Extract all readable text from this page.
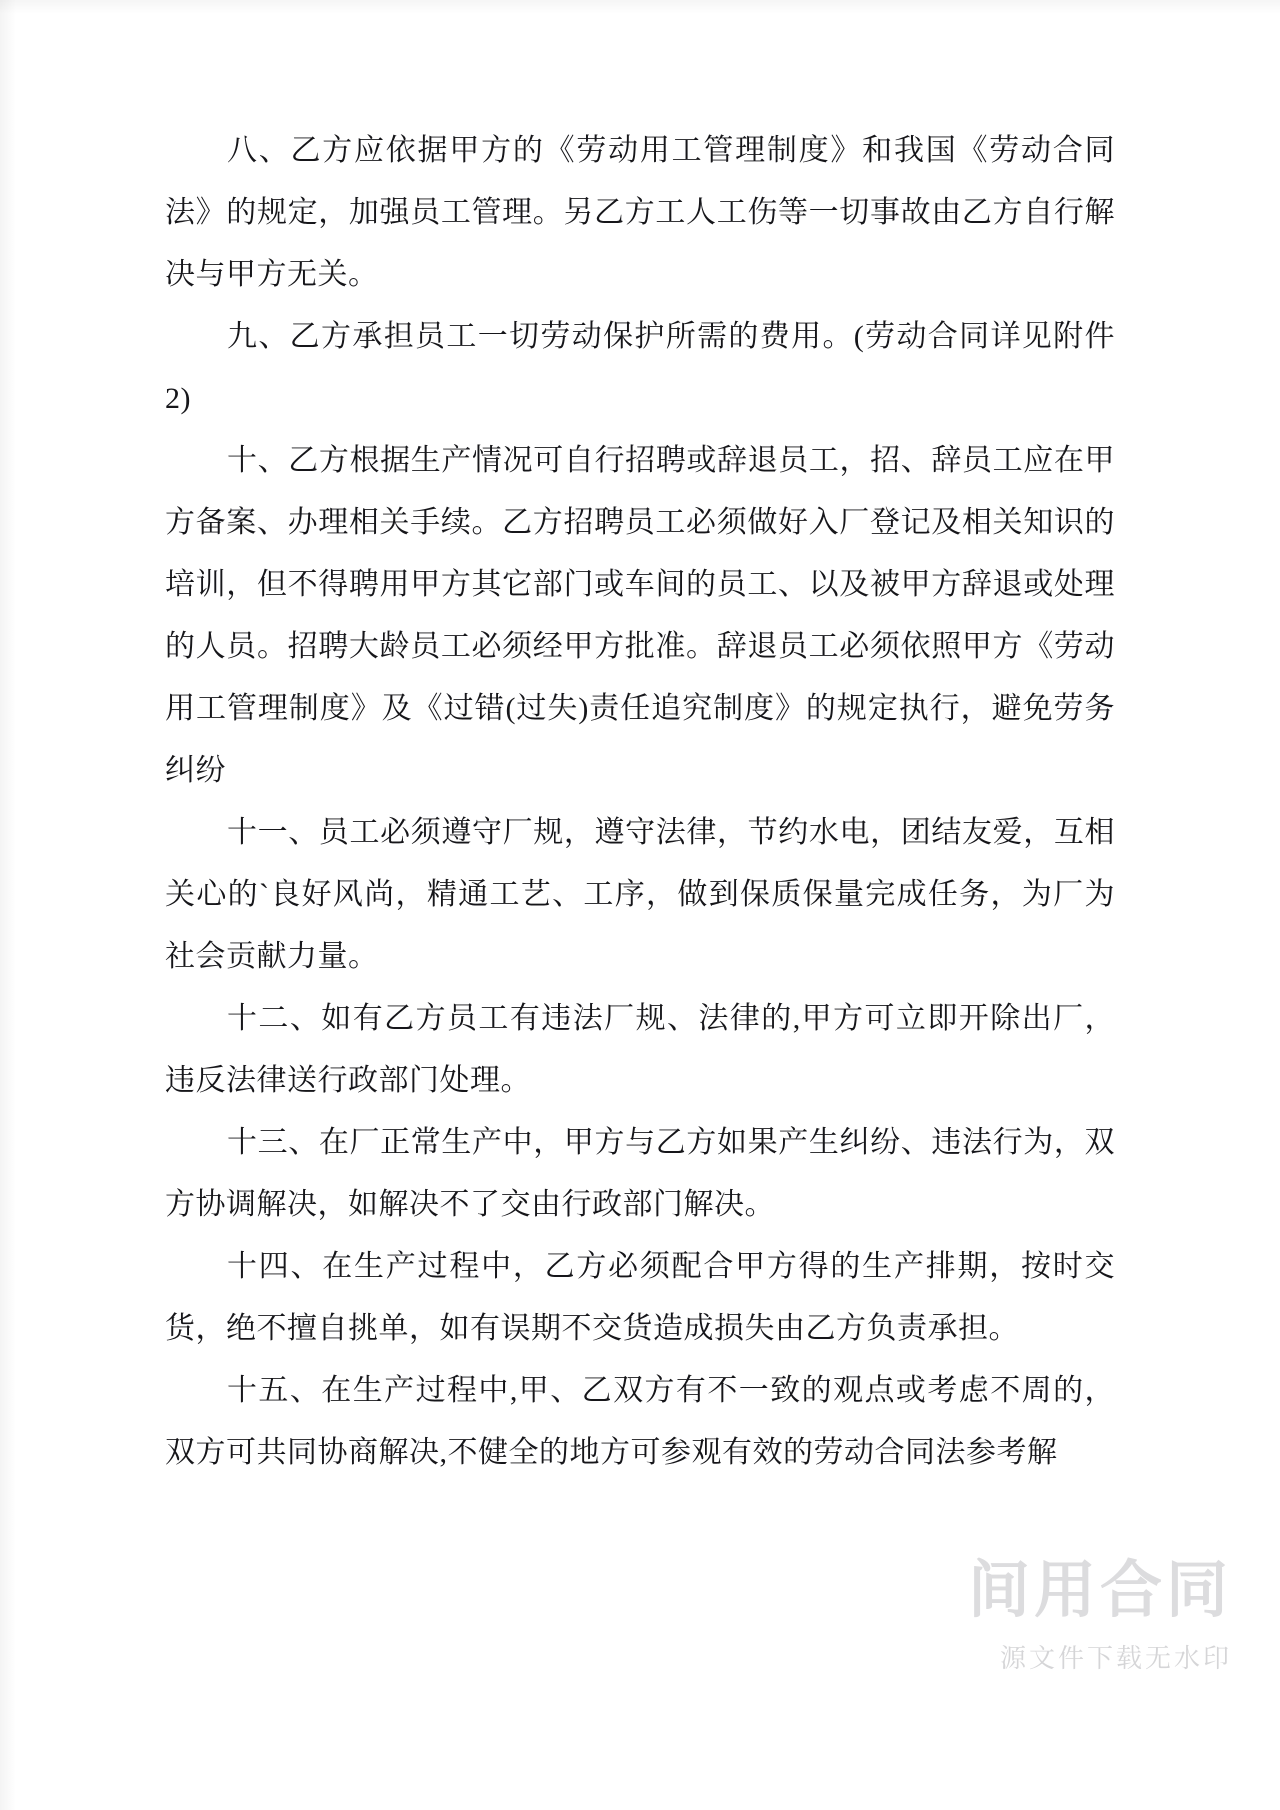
八、乙方应依据甲方的《劳动用工管理制度》和我国《劳动合同法》的规定，加强员工管理。另乙方工人工伤等一切事故由乙方自行解决与甲方无关。

九、乙方承担员工一切劳动保护所需的费用。(劳动合同详见附件 2)

十、乙方根据生产情况可自行招聘或辞退员工，招、辞员工应在甲方备案、办理相关手续。乙方招聘员工必须做好入厂登记及相关知识的培训，但不得聘用甲方其它部门或车间的员工、以及被甲方辞退或处理的人员。招聘大龄员工必须经甲方批准。辞退员工必须依照甲方《劳动用工管理制度》及《过错(过失)责任追究制度》的规定执行，避免劳务纠纷

十一、员工必须遵守厂规，遵守法律，节约水电，团结友爱，互相关心的`良好风尚，精通工艺、工序，做到保质保量完成任务，为厂为社会贡献力量。

十二、如有乙方员工有违法厂规、法律的,甲方可立即开除出厂，违反法律送行政部门处理。

十三、在厂正常生产中，甲方与乙方如果产生纠纷、违法行为，双方协调解决，如解决不了交由行政部门解决。

十四、在生产过程中，乙方必须配合甲方得的生产排期，按时交货，绝不擅自挑单，如有误期不交货造成损失由乙方负责承担。

十五、在生产过程中,甲、乙双方有不一致的观点或考虑不周的，双方可共同协商解决,不健全的地方可参观有效的劳动合同法参考解

间用合同
源文件下载无水印
